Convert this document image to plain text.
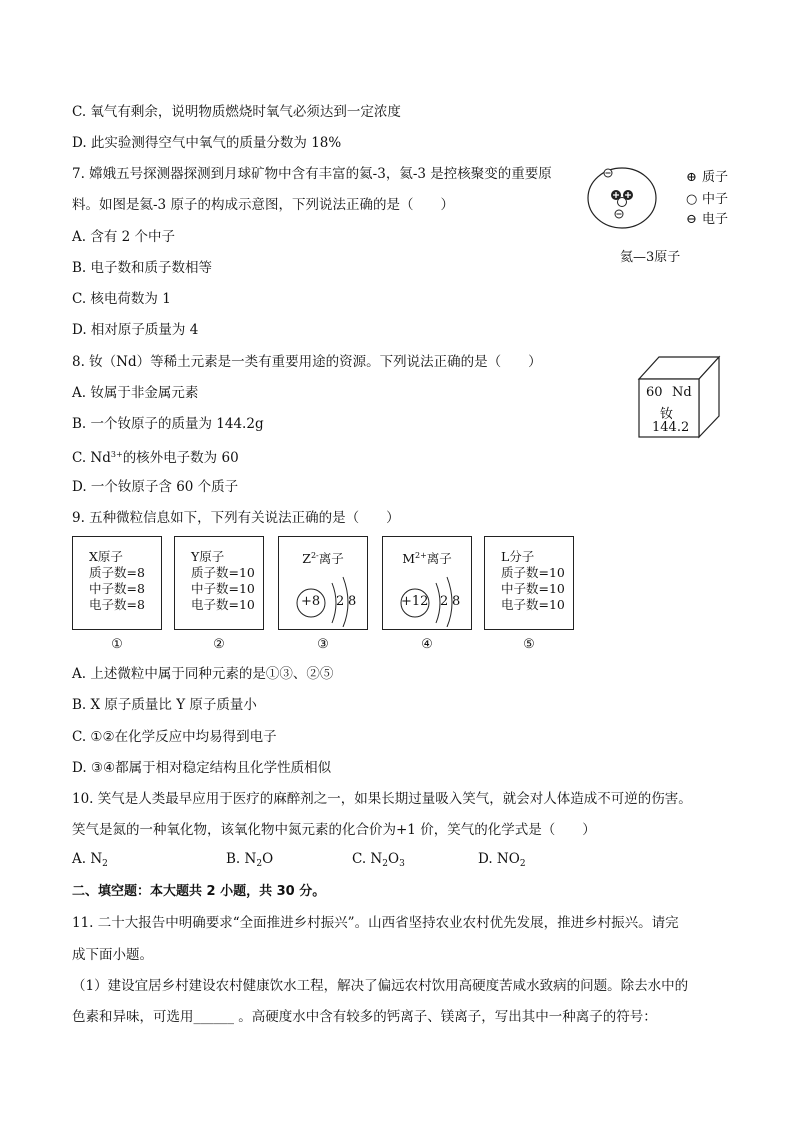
C. 氧气有剩余，说明物质燃烧时氧气必须达到一定浓度
D. 此实验测得空气中氧气的质量分数为 18%
7. 嫦娥五号探测器探测到月球矿物中含有丰富的氦-3，氦-3 是控核聚变的重要原
料。如图是氦-3 原子的构成示意图，下列说法正确的是（　　）
A. 含有 2 个中子
B. 电子数和质子数相等
C. 核电荷数为 1
D. 相对原子质量为 4
8. 钕（Nd）等稀土元素是一类有重要用途的资源。下列说法正确的是（　　）
A. 钕属于非金属元素
B. 一个钕原子的质量为 144.2g
C. $Nd^{3+}$的核外电子数为 60
D. 一个钕原子含 60 个质子
9. 五种微粒信息如下，下列有关说法正确的是（　　）
A. 上述微粒中属于同种元素的是①③、②⑤
B. X 原子质量比 Y 原子质量小
C. ①②在化学反应中均易得到电子
D. ③④都属于相对稳定结构且化学性质相似
10. 笑气是人类最早应用于医疗的麻醉剂之一，如果长期过量吸入笑气，就会对人体造成不可逆的伤害。
笑气是氮的一种氧化物，该氧化物中氮元素的化合价为+1 价，笑气的化学式是（　　）
A. $N_2$	B. $N_2O$	C. $N_2O_3$	D. $NO_2$
二、填空题：本大题共 2 小题，共 30 分。
11. 二十大报告中明确要求“全面推进乡村振兴”。山西省坚持农业农村优先发展，推进乡村振兴。请完
成下面小题。
（1）建设宜居乡村建设农村健康饮水工程，解决了偏远农村饮用高硬度苦咸水致病的问题。除去水中的
色素和异味，可选用______ 。高硬度水中含有较多的钙离子、镁离子，写出其中一种离子的符号：
⊕ 质子
○ 中子
⊖ 电子
氦—3原子
60 Nd
钕
144.2
X原子
质子数=8
中子数=8
电子数=8
Y原子
质子数=10
中子数=10
电子数=10
$Z^{2-}$离子
+8 2 8
$M^{2+}$离子
+12 2 8
L分子
质子数=10
中子数=10
电子数=10
①	②	③	④	⑤
